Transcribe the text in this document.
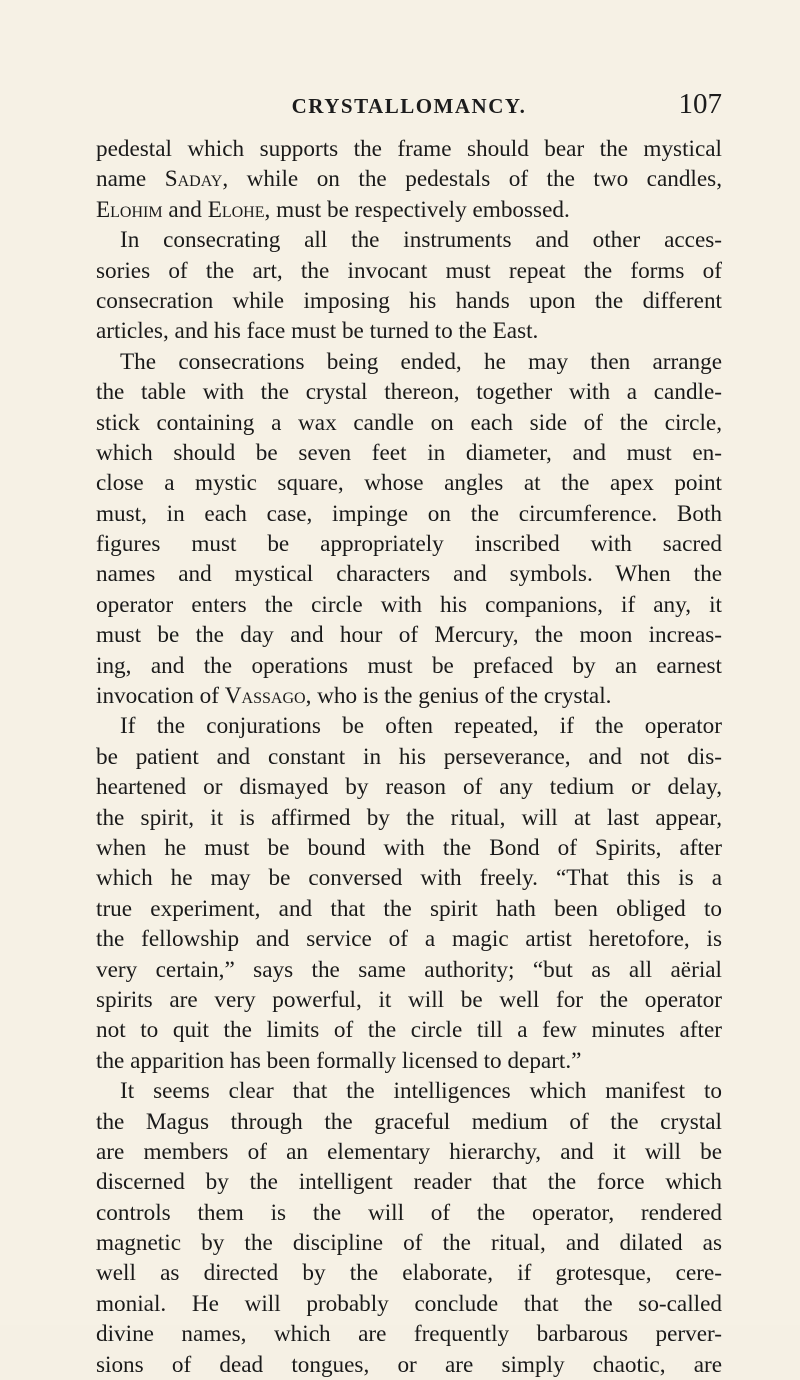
CRYSTALLOMANCY.	107
pedestal which supports the frame should bear the mystical
name Saday, while on the pedestals of the two candles,
Elohim and Elohe, must be respectively embossed.
In consecrating all the instruments and other acces-
sories of the art, the invocant must repeat the forms of
consecration while imposing his hands upon the different
articles, and his face must be turned to the East.
The consecrations being ended, he may then arrange
the table with the crystal thereon, together with a candle-
stick containing a wax candle on each side of the circle,
which should be seven feet in diameter, and must en-
close a mystic square, whose angles at the apex point
must, in each case, impinge on the circumference. Both
figures must be appropriately inscribed with sacred
names and mystical characters and symbols. When the
operator enters the circle with his companions, if any, it
must be the day and hour of Mercury, the moon increas-
ing, and the operations must be prefaced by an earnest
invocation of Vassago, who is the genius of the crystal.
If the conjurations be often repeated, if the operator
be patient and constant in his perseverance, and not dis-
heartened or dismayed by reason of any tedium or delay,
the spirit, it is affirmed by the ritual, will at last appear,
when he must be bound with the Bond of Spirits, after
which he may be conversed with freely. “That this is a
true experiment, and that the spirit hath been obliged to
the fellowship and service of a magic artist heretofore, is
very certain,” says the same authority; “but as all aërial
spirits are very powerful, it will be well for the operator
not to quit the limits of the circle till a few minutes after
the apparition has been formally licensed to depart.”
It seems clear that the intelligences which manifest to
the Magus through the graceful medium of the crystal
are members of an elementary hierarchy, and it will be
discerned by the intelligent reader that the force which
controls them is the will of the operator, rendered
magnetic by the discipline of the ritual, and dilated as
well as directed by the elaborate, if grotesque, cere-
monial. He will probably conclude that the so-called
divine names, which are frequently barbarous perver-
sions of dead tongues, or are simply chaotic, are
